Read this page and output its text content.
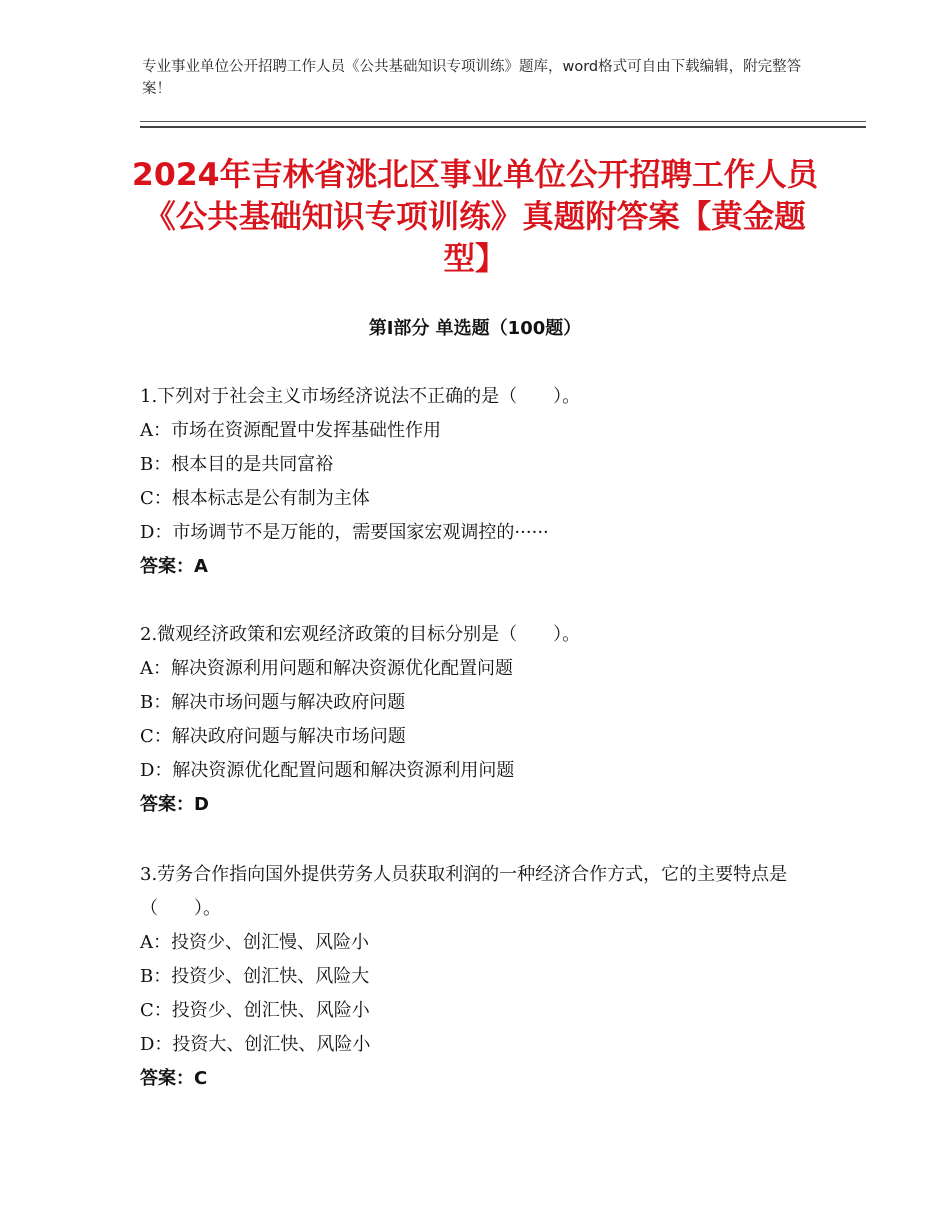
专业事业单位公开招聘工作人员《公共基础知识专项训练》题库，word格式可自由下载编辑，附完整答案！
2024年吉林省洮北区事业单位公开招聘工作人员《公共基础知识专项训练》真题附答案【黄金题型】
第Ⅰ部分 单选题（100题）
1.下列对于社会主义市场经济说法不正确的是（　　）。
A：市场在资源配置中发挥基础性作用
B：根本目的是共同富裕
C：根本标志是公有制为主体
D：市场调节不是万能的，需要国家宏观调控的······
答案：A
2.微观经济政策和宏观经济政策的目标分别是（　　）。
A：解决资源利用问题和解决资源优化配置问题
B：解决市场问题与解决政府问题
C：解决政府问题与解决市场问题
D：解决资源优化配置问题和解决资源利用问题
答案：D
3.劳务合作指向国外提供劳务人员获取利润的一种经济合作方式，它的主要特点是（　　）。
A：投资少、创汇慢、风险小
B：投资少、创汇快、风险大
C：投资少、创汇快、风险小
D：投资大、创汇快、风险小
答案：C
